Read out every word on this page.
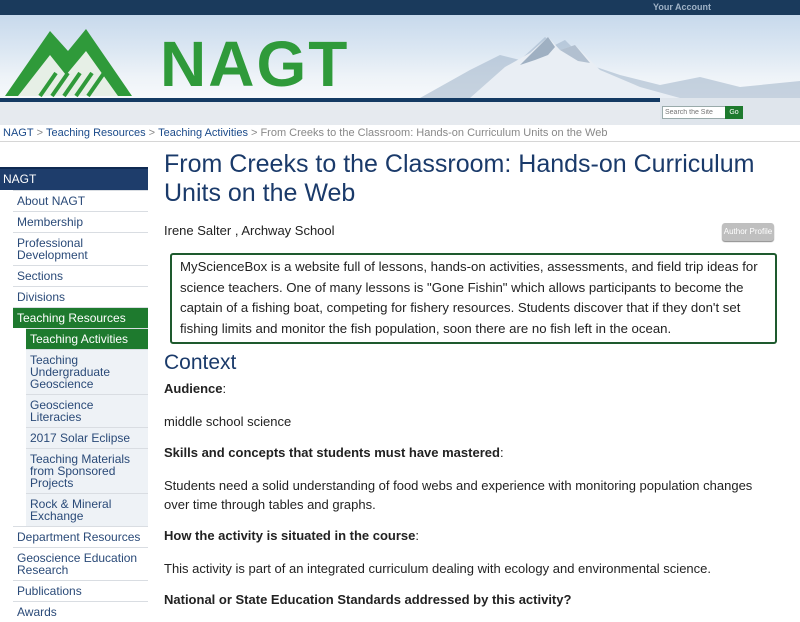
Your Account
NAGT
Search the Site
Go
NAGT > Teaching Resources > Teaching Activities > From Creeks to the Classroom: Hands-on Curriculum Units on the Web
NAGT
About NAGT
Membership
Professional Development
Sections
Divisions
Teaching Resources
Teaching Activities
Teaching Undergraduate Geoscience
Geoscience Literacies
2017 Solar Eclipse
Teaching Materials from Sponsored Projects
Rock & Mineral Exchange
Department Resources
Geoscience Education Research
Publications
Awards
From Creeks to the Classroom: Hands-on Curriculum Units on the Web
Irene Salter , Archway School	Author Profile
MyScienceBox is a website full of lessons, hands-on activities, assessments, and field trip ideas for science teachers. One of many lessons is "Gone Fishin" which allows participants to become the captain of a fishing boat, competing for fishery resources. Students discover that if they don't set fishing limits and monitor the fish population, soon there are no fish left in the ocean.
Context
Audience:
middle school science
Skills and concepts that students must have mastered:
Students need a solid understanding of food webs and experience with monitoring population changes over time through tables and graphs.
How the activity is situated in the course:
This activity is part of an integrated curriculum dealing with ecology and environmental science.
National or State Education Standards addressed by this activity?
